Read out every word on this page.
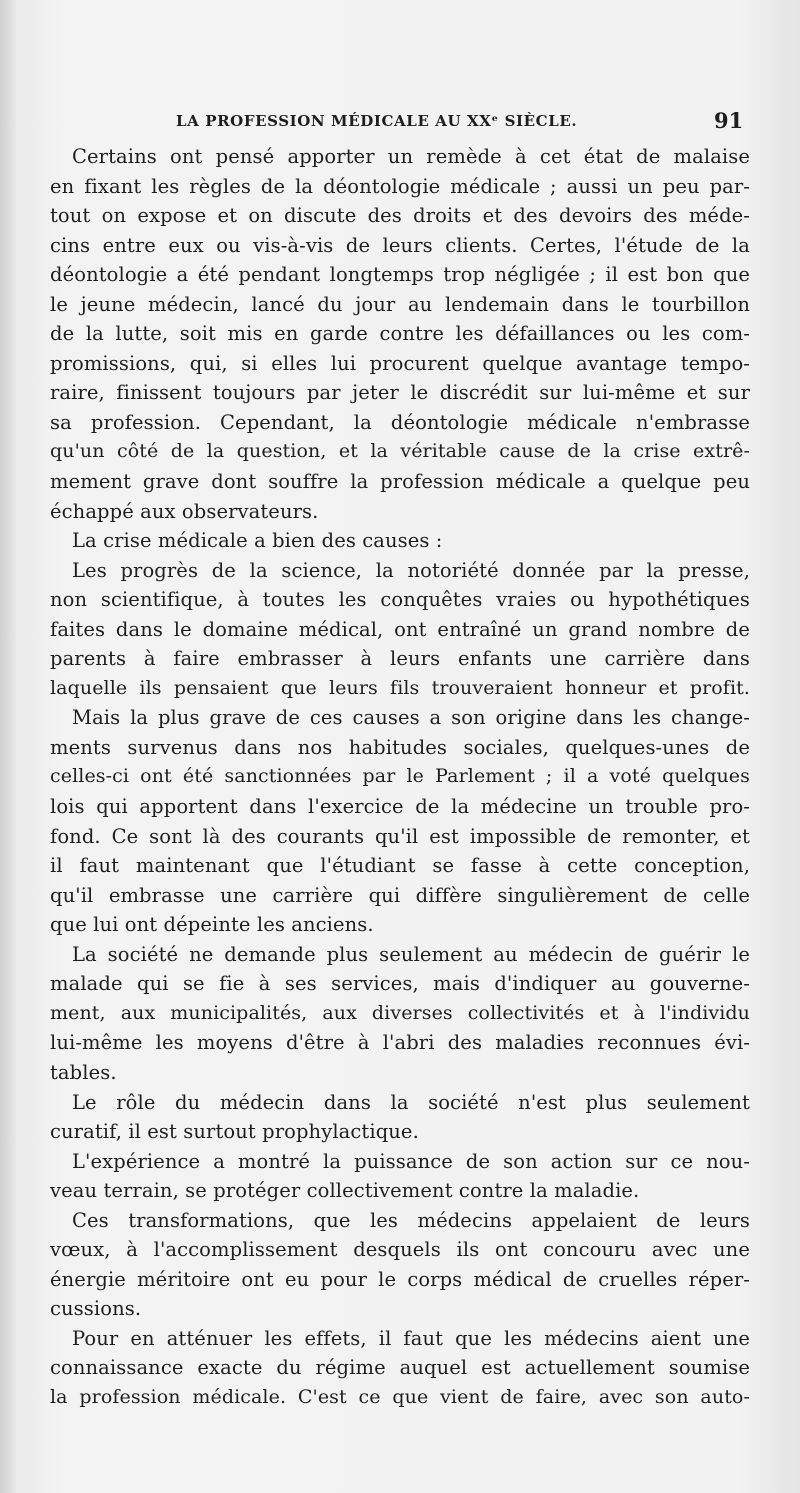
LA PROFESSION MÉDICALE AU XXᵉ SIÈCLE.	91
Certains ont pensé apporter un remède à cet état de malaise
en fixant les règles de la déontologie médicale ; aussi un peu par-
tout on expose et on discute des droits et des devoirs des méde-
cins entre eux ou vis-à-vis de leurs clients. Certes, l'étude de la
déontologie a été pendant longtemps trop négligée ; il est bon que
le jeune médecin, lancé du jour au lendemain dans le tourbillon
de la lutte, soit mis en garde contre les défaillances ou les com-
promissions, qui, si elles lui procurent quelque avantage tempo-
raire, finissent toujours par jeter le discrédit sur lui-même et sur
sa profession. Cependant, la déontologie médicale n'embrasse
qu'un côté de la question, et la véritable cause de la crise extrê-
mement grave dont souffre la profession médicale a quelque peu
échappé aux observateurs.
La crise médicale a bien des causes :
Les progrès de la science, la notoriété donnée par la presse,
non scientifique, à toutes les conquêtes vraies ou hypothétiques
faites dans le domaine médical, ont entraîné un grand nombre de
parents à faire embrasser à leurs enfants une carrière dans
laquelle ils pensaient que leurs fils trouveraient honneur et profit.
Mais la plus grave de ces causes a son origine dans les change-
ments survenus dans nos habitudes sociales, quelques-unes de
celles-ci ont été sanctionnées par le Parlement ; il a voté quelques
lois qui apportent dans l'exercice de la médecine un trouble pro-
fond. Ce sont là des courants qu'il est impossible de remonter, et
il faut maintenant que l'étudiant se fasse à cette conception,
qu'il embrasse une carrière qui diffère singulièrement de celle
que lui ont dépeinte les anciens.
La société ne demande plus seulement au médecin de guérir le
malade qui se fie à ses services, mais d'indiquer au gouverne-
ment, aux municipalités, aux diverses collectivités et à l'individu
lui-même les moyens d'être à l'abri des maladies reconnues évi-
tables.
Le rôle du médecin dans la société n'est plus seulement
curatif, il est surtout prophylactique.
L'expérience a montré la puissance de son action sur ce nou-
veau terrain, se protéger collectivement contre la maladie.
Ces transformations, que les médecins appelaient de leurs
vœux, à l'accomplissement desquels ils ont concouru avec une
énergie méritoire ont eu pour le corps médical de cruelles réper-
cussions.
Pour en atténuer les effets, il faut que les médecins aient une
connaissance exacte du régime auquel est actuellement soumise
la profession médicale. C'est ce que vient de faire, avec son auto-
